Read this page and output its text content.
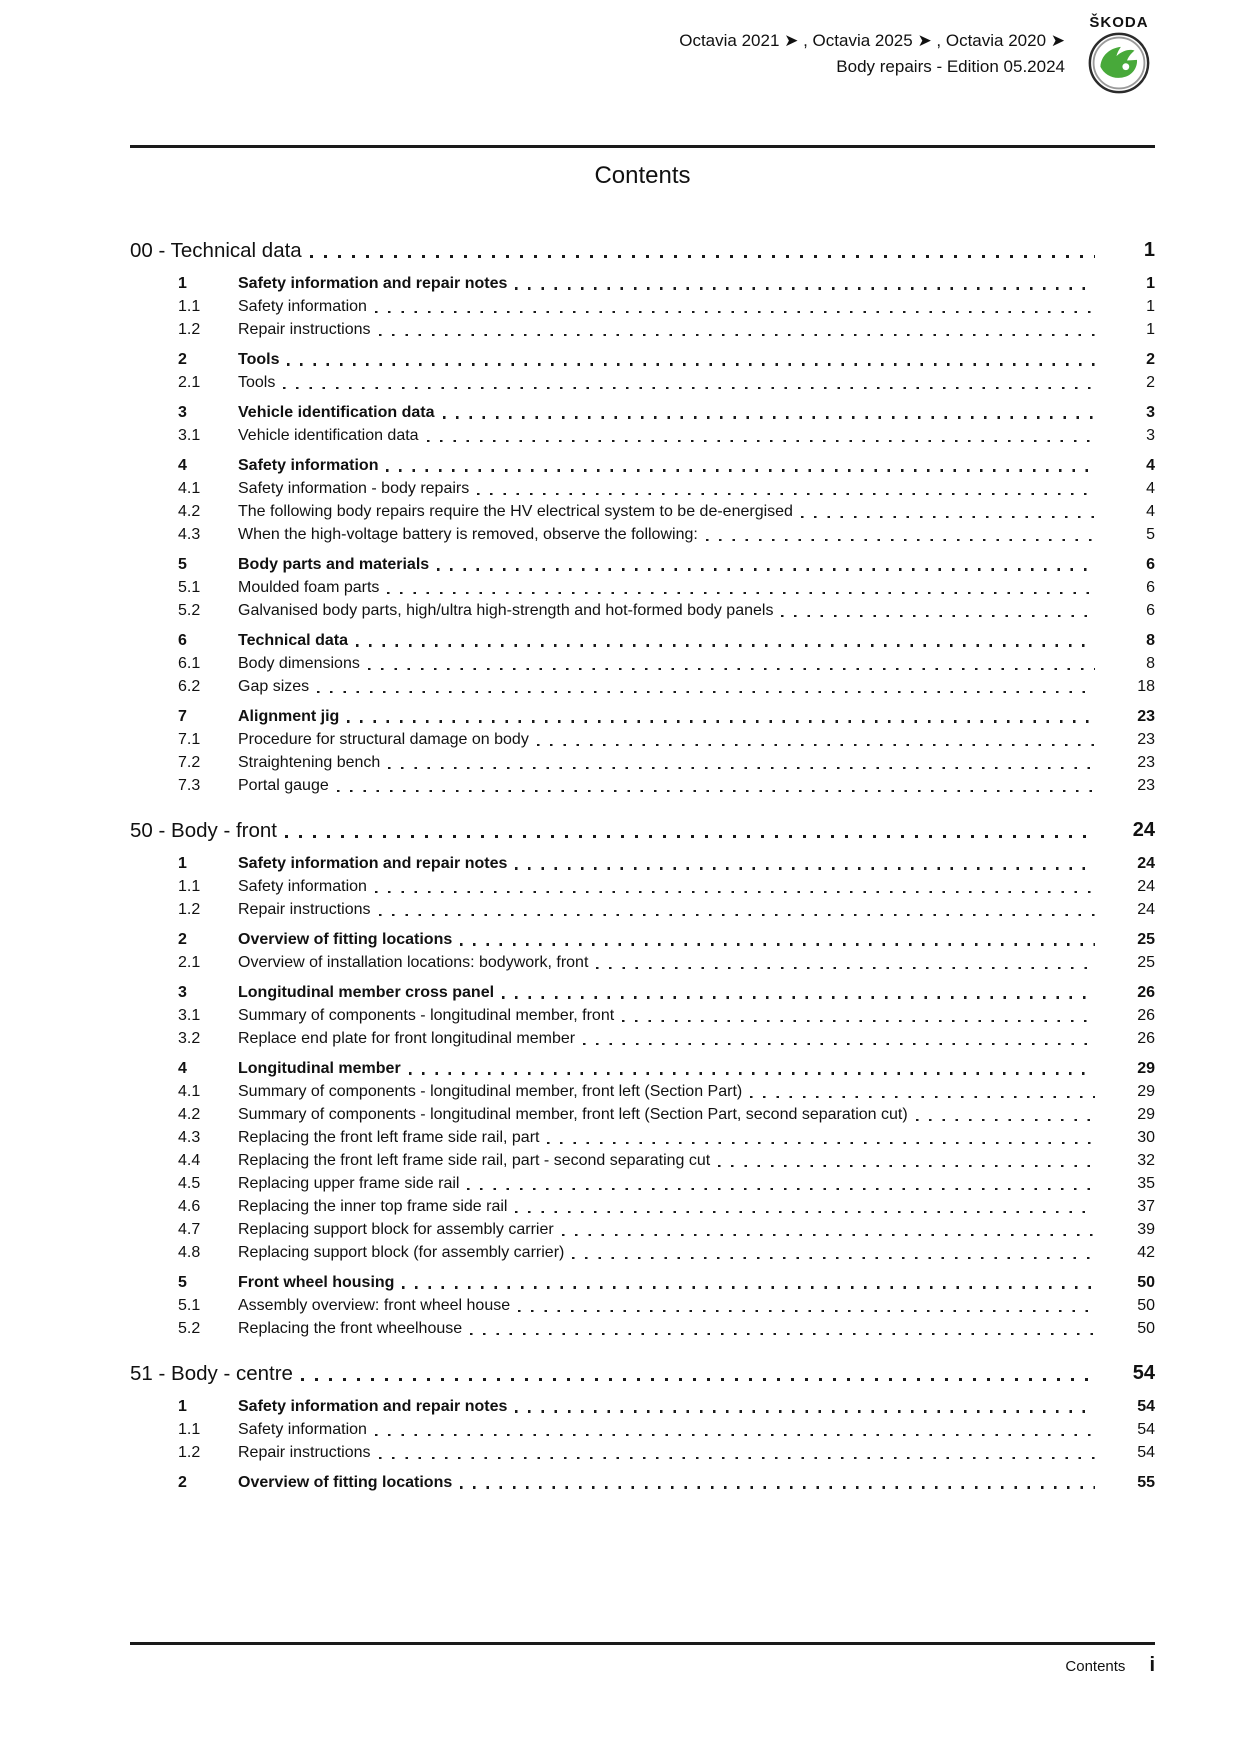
Octavia 2021 ➤ , Octavia 2025 ➤ , Octavia 2020 ➤
Body repairs - Edition 05.2024
ŠKODA
Contents
00 - Technical data	1
1	Safety information and repair notes	1
1.1	Safety information	1
1.2	Repair instructions	1
2	Tools	2
2.1	Tools	2
3	Vehicle identification data	3
3.1	Vehicle identification data	3
4	Safety information	4
4.1	Safety information - body repairs	4
4.2	The following body repairs require the HV electrical system to be de-energised	4
4.3	When the high-voltage battery is removed, observe the following:	5
5	Body parts and materials	6
5.1	Moulded foam parts	6
5.2	Galvanised body parts, high/ultra high-strength and hot-formed body panels	6
6	Technical data	8
6.1	Body dimensions	8
6.2	Gap sizes	18
7	Alignment jig	23
7.1	Procedure for structural damage on body	23
7.2	Straightening bench	23
7.3	Portal gauge	23
50 - Body - front	24
1	Safety information and repair notes	24
1.1	Safety information	24
1.2	Repair instructions	24
2	Overview of fitting locations	25
2.1	Overview of installation locations: bodywork, front	25
3	Longitudinal member cross panel	26
3.1	Summary of components - longitudinal member, front	26
3.2	Replace end plate for front longitudinal member	26
4	Longitudinal member	29
4.1	Summary of components - longitudinal member, front left (Section Part)	29
4.2	Summary of components - longitudinal member, front left (Section Part, second separation cut)	29
4.3	Replacing the front left frame side rail, part	30
4.4	Replacing the front left frame side rail, part - second separating cut	32
4.5	Replacing upper frame side rail	35
4.6	Replacing the inner top frame side rail	37
4.7	Replacing support block for assembly carrier	39
4.8	Replacing support block (for assembly carrier)	42
5	Front wheel housing	50
5.1	Assembly overview: front wheel house	50
5.2	Replacing the front wheelhouse	50
51 - Body - centre	54
1	Safety information and repair notes	54
1.1	Safety information	54
1.2	Repair instructions	54
2	Overview of fitting locations	55
Contents i
